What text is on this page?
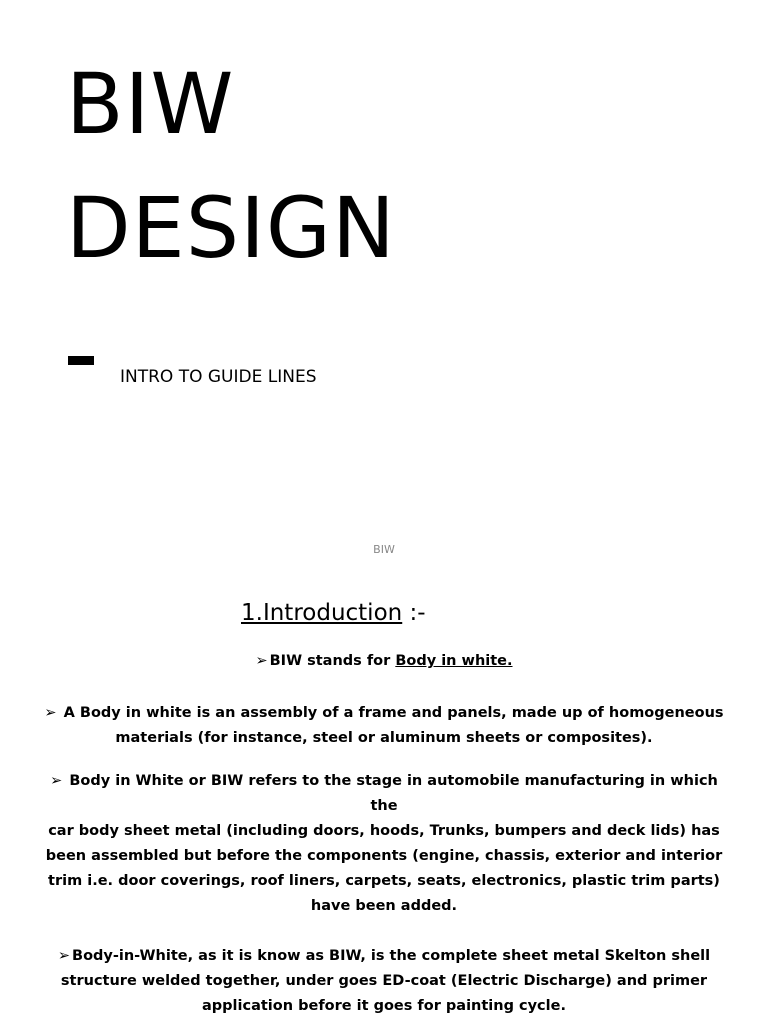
BIW
DESIGN
INTRO TO GUIDE LINES
BIW
1.Introduction :-
➢ BIW stands for Body in white.
➢ A Body in white is an assembly of a frame and panels, made up of homogeneous
materials (for instance, steel or aluminum sheets or composites).
➢ Body in White or BIW refers to the stage in automobile manufacturing in which
the
car body sheet metal (including doors, hoods, Trunks, bumpers and deck lids) has
been assembled but before the components (engine, chassis, exterior and interior
trim i.e. door coverings, roof liners, carpets, seats, electronics, plastic trim parts)
have been added.
➢ Body-in-White, as it is know as BIW, is the complete sheet metal Skelton shell
structure welded together, under goes ED-coat (Electric Discharge) and primer
application before it goes for painting cycle.
